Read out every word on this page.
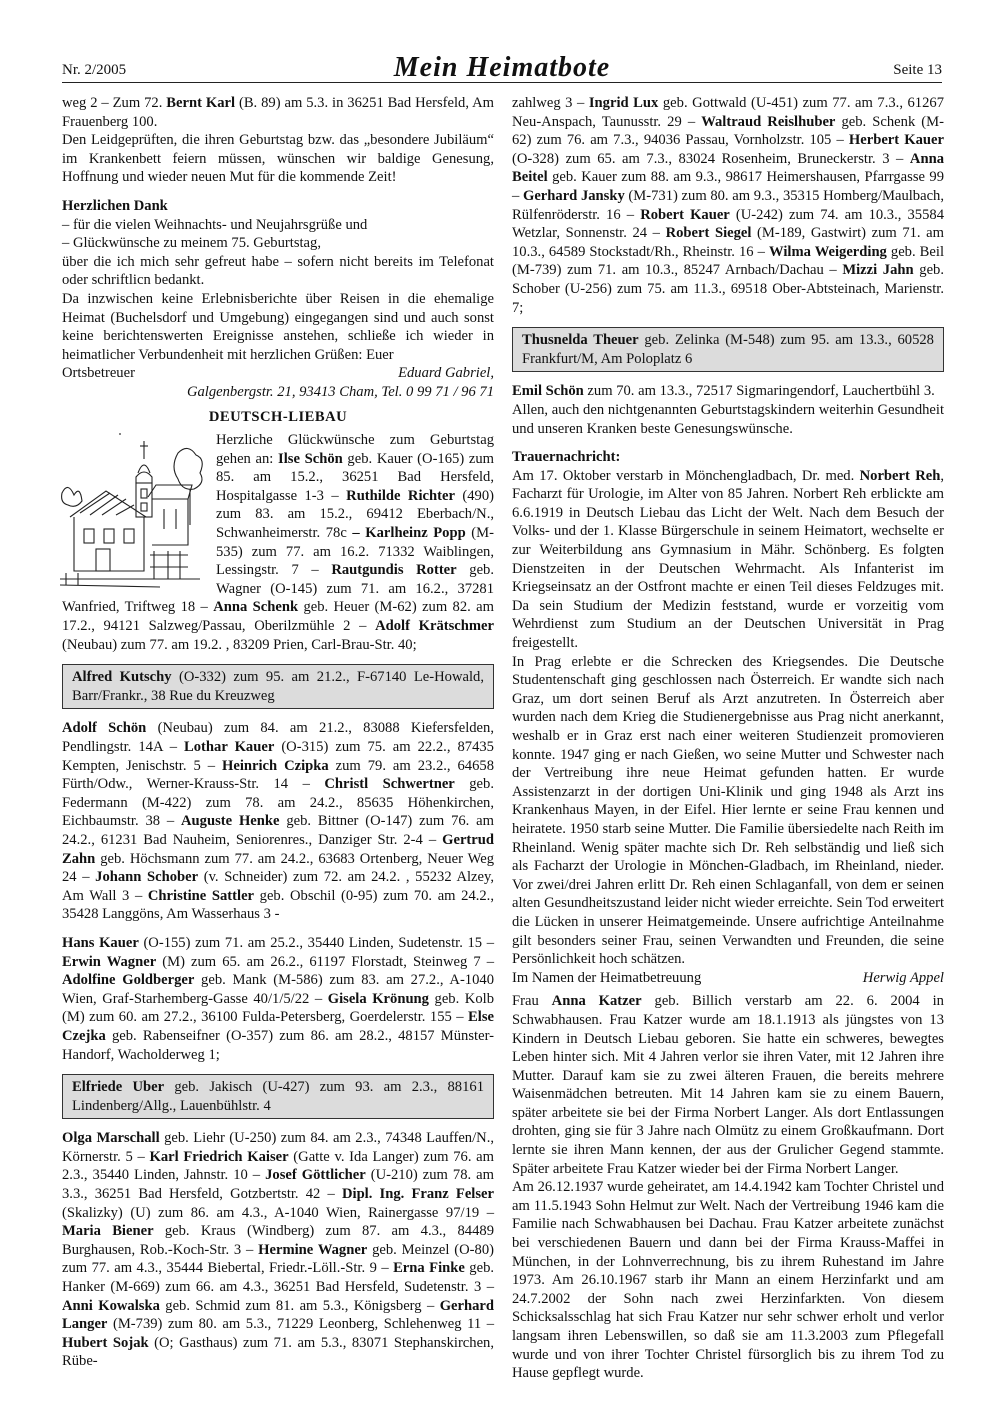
Nr. 2/2005	Mein Heimatbote	Seite 13

weg 2 – Zum 72. Bernt Karl (B. 89) am 5.3. in 36251 Bad Hersfeld, Am Frauenberg 100.

Den Leidgeprüften, die ihren Geburtstag bzw. das „besondere Jubiläum“ im Krankenbett feiern müssen, wünschen wir baldige Genesung, Hoffnung und wieder neuen Mut für die kommende Zeit!

Herzlichen Dank

– für die vielen Weihnachts- und Neujahrsgrüße und

– Glückwünsche zu meinem 75. Geburtstag,

über die ich mich sehr gefreut habe – sofern nicht bereits im Telefonat oder schriftlicn bedankt.

Da inzwischen keine Erlebnisberichte über Reisen in die ehemalige Heimat (Buchelsdorf und Umgebung) eingegangen sind und auch sonst keine berichtenswerten Ereignisse anstehen, schließe ich wieder in heimatlicher Verbundenheit mit herzlichen Grüßen: Euer

Ortsbetreuer	Eduard Gabriel,

Galgenbergstr. 21, 93413 Cham, Tel. 0 99 71 / 96 71

DEUTSCH-LIEBAU

Herzliche Glückwünsche zum Geburtstag gehen an: Ilse Schön geb. Kauer (O-165) zum 85. am 15.2., 36251 Bad Hersfeld, Hospitalgasse 1-3 – Ruthilde Richter (490) zum 83. am 15.2., 69412 Eberbach/N., Schwanheimerstr. 78c – Karlheinz Popp (M-535) zum 77. am 16.2. 71332 Waiblingen, Lessingstr. 7 – Rautgundis Rotter geb. Wagner (O-145) zum 71. am 16.2., 37281 Wanfried, Triftweg 18 – Anna Schenk geb. Heuer (M-62) zum 82. am 17.2., 94121 Salzweg/Passau, Oberilzmühle 2 – Adolf Krätschmer (Neubau) zum 77. am 19.2. , 83209 Prien, Carl-Brau-Str. 40;

Alfred Kutschy (O-332) zum 95. am 21.2., F-67140 Le-Howald, Barr/Frankr., 38 Rue du Kreuzweg

Adolf Schön (Neubau) zum 84. am 21.2., 83088 Kiefersfelden, Pendlingstr. 14A – Lothar Kauer (O-315) zum 75. am 22.2., 87435 Kempten, Jenischstr. 5 – Heinrich Czipka zum 79. am 23.2., 64658 Fürth/Odw., Werner-Krauss-Str. 14 – Christl Schwertner geb. Federmann (M-422) zum 78. am 24.2., 85635 Höhenkirchen, Eichbaumstr. 38 – Auguste Henke geb. Bittner (O-147) zum 76. am 24.2., 61231 Bad Nauheim, Seniorenres., Danziger Str. 2-4 – Gertrud Zahn geb. Höchsmann zum 77. am 24.2., 63683 Ortenberg, Neuer Weg 24 – Johann Schober (v. Schneider) zum 72. am 24.2. , 55232 Alzey, Am Wall 3 – Christine Sattler geb. Obschil (0-95) zum 70. am 24.2., 35428 Langgöns, Am Wasserhaus 3 -

Hans Kauer (O-155) zum 71. am 25.2., 35440 Linden, Sudetenstr. 15 – Erwin Wagner (M) zum 65. am 26.2., 61197 Florstadt, Steinweg 7 – Adolfine Goldberger geb. Mank (M-586) zum 83. am 27.2., A-1040 Wien, Graf-Starhemberg-Gasse 40/1/5/22 – Gisela Krönung geb. Kolb (M) zum 60. am 27.2., 36100 Fulda-Petersberg, Goerdelerstr. 155 – Else Czejka geb. Rabenseifner (O-357) zum 86. am 28.2., 48157 Münster-Handorf, Wacholderweg 1;

Elfriede Uber geb. Jakisch (U-427) zum 93. am 2.3., 88161 Lindenberg/Allg., Lauenbühlstr. 4

Olga Marschall geb. Liehr (U-250) zum 84. am 2.3., 74348 Lauffen/N., Körnerstr. 5 – Karl Friedrich Kaiser (Gatte v. Ida Langer) zum 76. am 2.3., 35440 Linden, Jahnstr. 10 – Josef Göttlicher (U-210) zum 78. am 3.3., 36251 Bad Hersfeld, Gotzbertstr. 42 – Dipl. Ing. Franz Felser (Skalizky) (U) zum 86. am 4.3., A-1040 Wien, Rainergasse 97/19 – Maria Biener geb. Kraus (Windberg) zum 87. am 4.3., 84489 Burghausen, Rob.-Koch-Str. 3 – Hermine Wagner geb. Meinzel (O-80) zum 77. am 4.3., 35444 Biebertal, Friedr.-Löll.-Str. 9 – Erna Finke geb. Hanker (M-669) zum 66. am 4.3., 36251 Bad Hersfeld, Sudetenstr. 3 – Anni Kowalska geb. Schmid zum 81. am 5.3., Königsberg – Gerhard Langer (M-739) zum 80. am 5.3., 71229 Leonberg, Schlehenweg 11 – Hubert Sojak (O; Gasthaus) zum 71. am 5.3., 83071 Stephanskirchen, Rübe-

zahlweg 3 – Ingrid Lux geb. Gottwald (U-451) zum 77. am 7.3., 61267 Neu-Anspach, Taunusstr. 29 – Waltraud Reislhuber geb. Schenk (M-62) zum 76. am 7.3., 94036 Passau, Vornholzstr. 105 – Herbert Kauer (O-328) zum 65. am 7.3., 83024 Rosenheim, Bruneckerstr. 3 – Anna Beitel geb. Kauer zum 88. am 9.3., 98617 Heimershausen, Pfarrgasse 99 – Gerhard Jansky (M-731) zum 80. am 9.3., 35315 Homberg/Maulbach, Rülfenröderstr. 16 – Robert Kauer (U-242) zum 74. am 10.3., 35584 Wetzlar, Sonnenstr. 24 – Robert Siegel (M-189, Gastwirt) zum 71. am 10.3., 64589 Stockstadt/Rh., Rheinstr. 16 – Wilma Weigerding geb. Beil (M-739) zum 71. am 10.3., 85247 Arnbach/Dachau – Mizzi Jahn geb. Schober (U-256) zum 75. am 11.3., 69518 Ober-Abtsteinach, Marienstr. 7;

Thusnelda Theuer geb. Zelinka (M-548) zum 95. am 13.3., 60528 Frankfurt/M, Am Poloplatz 6

Emil Schön zum 70. am 13.3., 72517 Sigmaringendorf, Lauchertbühl 3.

Allen, auch den nichtgenannten Geburtstagskindern weiterhin Gesundheit und unseren Kranken beste Genesungswünsche.

Trauernachricht:

Am 17. Oktober verstarb in Mönchengladbach, Dr. med. Norbert Reh, Facharzt für Urologie, im Alter von 85 Jahren. Norbert Reh erblickte am 6.6.1919 in Deutsch Liebau das Licht der Welt. Nach dem Besuch der Volks- und der 1. Klasse Bürgerschule in seinem Heimatort, wechselte er zur Weiterbildung ans Gymnasium in Mähr. Schönberg. Es folgten Dienstzeiten in der Deutschen Wehrmacht. Als Infanterist im Kriegseinsatz an der Ostfront machte er einen Teil dieses Feldzuges mit. Da sein Studium der Medizin feststand, wurde er vorzeitig vom Wehrdienst zum Studium an der Deutschen Universität in Prag freigestellt.

In Prag erlebte er die Schrecken des Kriegsendes. Die Deutsche Studentenschaft ging geschlossen nach Österreich. Er wandte sich nach Graz, um dort seinen Beruf als Arzt anzutreten. In Österreich aber wurden nach dem Krieg die Studienergebnisse aus Prag nicht anerkannt, weshalb er in Graz erst nach einer weiteren Studienzeit promovieren konnte. 1947 ging er nach Gießen, wo seine Mutter und Schwester nach der Vertreibung ihre neue Heimat gefunden hatten. Er wurde Assistenzarzt in der dortigen Uni-Klinik und ging 1948 als Arzt ins Krankenhaus Mayen, in der Eifel. Hier lernte er seine Frau kennen und heiratete. 1950 starb seine Mutter. Die Familie übersiedelte nach Reith im Rheinland. Wenig später machte sich Dr. Reh selbständig und ließ sich als Facharzt der Urologie in Mönchen-Gladbach, im Rheinland, nieder. Vor zwei/drei Jahren erlitt Dr. Reh einen Schlaganfall, von dem er seinen alten Gesundheitszustand leider nicht wieder erreichte. Sein Tod erweitert die Lücken in unserer Heimatgemeinde. Unsere aufrichtige Anteilnahme gilt besonders seiner Frau, seinen Verwandten und Freunden, die seine Persönlichkeit hoch schätzen.

Im Namen der Heimatbetreuung	Herwig Appel

Frau Anna Katzer geb. Billich verstarb am 22. 6. 2004 in Schwabhausen. Frau Katzer wurde am 18.1.1913 als jüngstes von 13 Kindern in Deutsch Liebau geboren. Sie hatte ein schweres, bewegtes Leben hinter sich. Mit 4 Jahren verlor sie ihren Vater, mit 12 Jahren ihre Mutter. Darauf kam sie zu zwei älteren Frauen, die bereits mehrere Waisenmädchen betreuten. Mit 14 Jahren kam sie zu einem Bauern, später arbeitete sie bei der Firma Norbert Langer. Als dort Entlassungen drohten, ging sie für 3 Jahre nach Olmütz zu einem Großkaufmann. Dort lernte sie ihren Mann kennen, der aus der Grulicher Gegend stammte. Später arbeitete Frau Katzer wieder bei der Firma Norbert Langer.

Am 26.12.1937 wurde geheiratet, am 14.4.1942 kam Tochter Christel und am 11.5.1943 Sohn Helmut zur Welt. Nach der Vertreibung 1946 kam die Familie nach Schwabhausen bei Dachau. Frau Katzer arbeitete zunächst bei verschiedenen Bauern und dann bei der Firma Krauss-Maffei in München, in der Lohnverrechnung, bis zu ihrem Ruhestand im Jahre 1973. Am 26.10.1967 starb ihr Mann an einem Herzinfarkt und am 24.7.2002 der Sohn nach zwei Herzinfarkten. Von diesem Schicksalsschlag hat sich Frau Katzer nur sehr schwer erholt und verlor langsam ihren Lebenswillen, so daß sie am 11.3.2003 zum Pflegefall wurde und von ihrer Tochter Christel fürsorglich bis zu ihrem Tod zu Hause gepflegt wurde.
